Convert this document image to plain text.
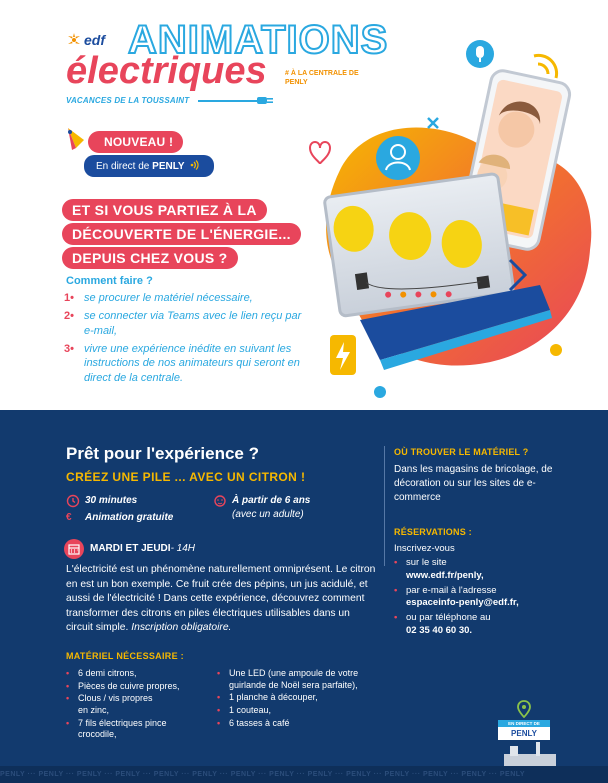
edf ANIMATIONS
électriques	# À LA CENTRALE DE PENLY
VACANCES DE LA TOUSSAINT
NOUVEAU !
En direct de PENLY
ET SI VOUS PARTIEZ À LA
DÉCOUVERTE DE L'ÉNERGIE...
DEPUIS CHEZ VOUS ?
Comment faire ?
1• se procurer le matériel nécessaire,
2• se connecter via Teams avec le lien reçu par e-mail,
3• vivre une expérience inédite en suivant les instructions de nos animateurs qui seront en direct de la centrale.
Prêt pour l'expérience ?
CRÉEZ UNE PILE ... AVEC UN CITRON !
30 minutes
€	Animation gratuite
À partir de 6 ans
(avec un adulte)
MARDI ET JEUDI - 14H
L'électricité est un phénomène naturellement omniprésent. Le citron en est un bon exemple. Ce fruit crée des pépins, un jus acidulé, et aussi de l'électricité ! Dans cette expérience, découvrez comment transformer des citrons en piles électriques utilisables dans un circuit simple. Inscription obligatoire.
MATÉRIEL NÉCESSAIRE :
• 6 demi citrons,
• Pièces de cuivre propres,
• Clous / vis propres en zinc,
• 7 fils électriques pince crocodile,
• Une LED (une ampoule de votre guirlande de Noël sera parfaite),
• 1 planche à découper,
• 1 couteau,
• 6 tasses à café
OÙ TROUVER LE MATÉRIEL ?
Dans les magasins de bricolage, de décoration ou sur les sites de e-commerce
RÉSERVATIONS :
Inscrivez-vous
• sur le site
www.edf.fr/penly,
• par e-mail à l'adresse
espaceinfo-penly@edf.fr,
• ou par téléphone au
02 35 40 60 30.
EN DIRECT DE
PENLY
PENLY ··· PENLY ··· PENLY ··· PENLY ··· PENLY ··· PENLY ··· PENLY ··· PENLY ··· PENLY ··· PENLY ··· PENLY ··· PENLY ··· PENLY ··· PENLY
